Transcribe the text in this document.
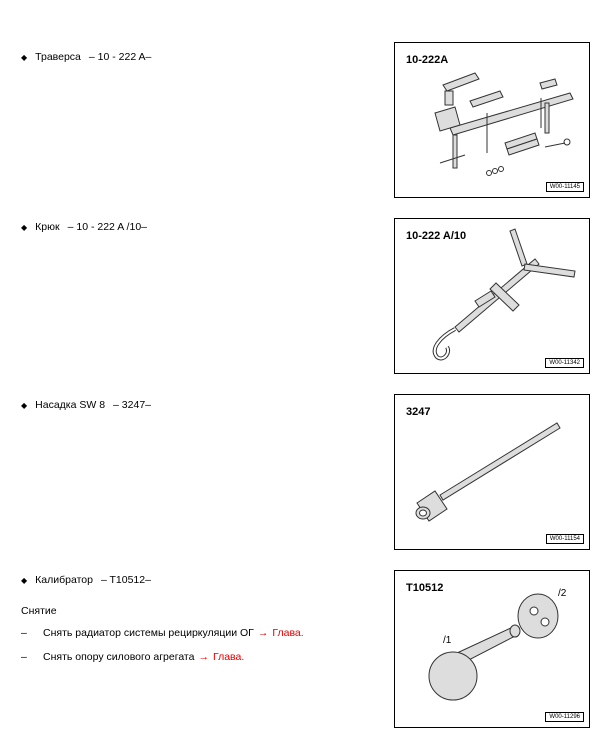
◆ Траверса – 10 - 222 A–	10-222A
W00-11145
◆ Крюк – 10 - 222 A /10–
10-222 A/10
W00-11342
◆ Насадка SW 8 – 3247–
3247
W00-11154
◆ Калибратор – T10512–
T10512
/1
/2
W00-11296
Снятие
–	Снять радиатор системы рециркуляции ОГ → Глава.
–	Снять опору силового агрегата → Глава.
